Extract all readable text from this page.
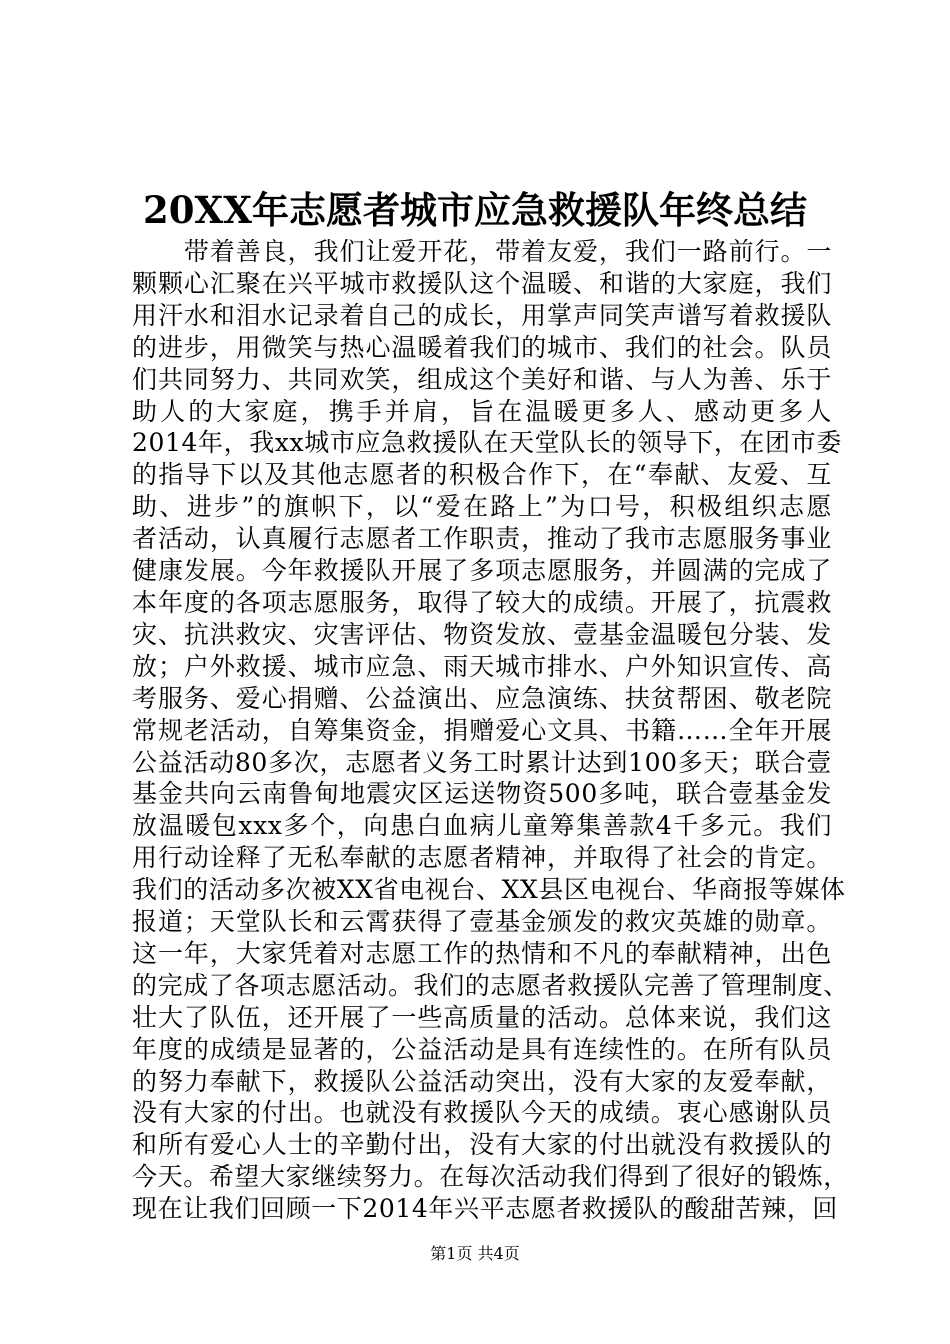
20XX年志愿者城市应急救援队年终总结
　　带着善良，我们让爱开花，带着友爱，我们一路前行。一
颗颗心汇聚在兴平城市救援队这个温暖、和谐的大家庭，我们
用汗水和泪水记录着自己的成长，用掌声同笑声谱写着救援队
的进步，用微笑与热心温暖着我们的城市、我们的社会。队员
们共同努力、共同欢笑，组成这个美好和谐、与人为善、乐于
助人的大家庭，携手并肩，旨在温暖更多人、感动更多人
2014年，我xx城市应急救援队在天堂队长的领导下，在团市委
的指导下以及其他志愿者的积极合作下，在“奉献、友爱、互
助、进步”的旗帜下，以“爱在路上”为口号，积极组织志愿
者活动，认真履行志愿者工作职责，推动了我市志愿服务事业
健康发展。今年救援队开展了多项志愿服务，并圆满的完成了
本年度的各项志愿服务，取得了较大的成绩。开展了，抗震救
灾、抗洪救灾、灾害评估、物资发放、壹基金温暖包分装、发
放；户外救援、城市应急、雨天城市排水、户外知识宣传、高
考服务、爱心捐赠、公益演出、应急演练、扶贫帮困、敬老院
常规老活动，自筹集资金，捐赠爱心文具、书籍……全年开展
公益活动80多次，志愿者义务工时累计达到100多天；联合壹
基金共向云南鲁甸地震灾区运送物资500多吨，联合壹基金发
放温暖包xxx多个，向患白血病儿童筹集善款4千多元。我们
用行动诠释了无私奉献的志愿者精神，并取得了社会的肯定。
我们的活动多次被XX省电视台、XX县区电视台、华商报等媒体
报道；天堂队长和云霄获得了壹基金颁发的救灾英雄的勋章。
这一年，大家凭着对志愿工作的热情和不凡的奉献精神，出色
的完成了各项志愿活动。我们的志愿者救援队完善了管理制度、
壮大了队伍，还开展了一些高质量的活动。总体来说，我们这
年度的成绩是显著的，公益活动是具有连续性的。在所有队员
的努力奉献下，救援队公益活动突出，没有大家的友爱奉献，
没有大家的付出。也就没有救援队今天的成绩。衷心感谢队员
和所有爱心人士的辛勤付出，没有大家的付出就没有救援队的
今天。希望大家继续努力。在每次活动我们得到了很好的锻炼，
现在让我们回顾一下2014年兴平志愿者救援队的酸甜苦辣，回
第1页 共4页
